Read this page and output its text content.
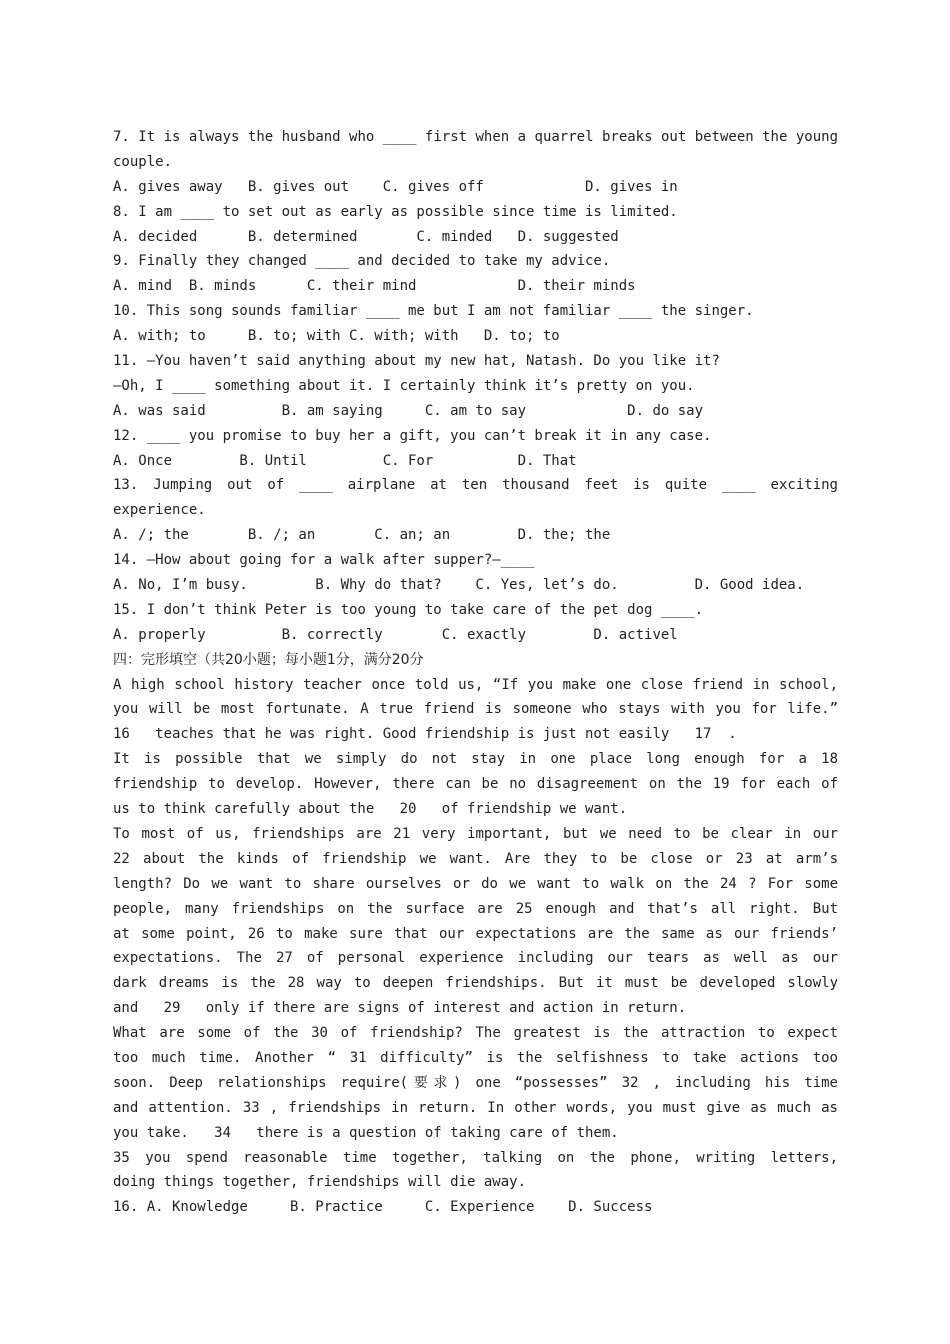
7. It is always the husband who ____ first when a quarrel breaks out between the young
couple.
A. gives away   B. gives out    C. gives off            D. gives in
8. I am ____ to set out as early as possible since time is limited.
A. decided      B. determined       C. minded   D. suggested
9. Finally they changed ____ and decided to take my advice.
A. mind  B. minds      C. their mind            D. their minds
10. This song sounds familiar ____ me but I am not familiar ____ the singer.
A. with; to     B. to; with C. with; with   D. to; to
11. —You haven’t said anything about my new hat, Natash. Do you like it?
—Oh, I ____ something about it. I certainly think it’s pretty on you.
A. was said         B. am saying     C. am to say            D. do say
12. ____ you promise to buy her a gift, you can’t break it in any case.
A. Once        B. Until         C. For          D. That
13. Jumping out of ____ airplane at ten thousand feet is quite ____ exciting
experience.
A. /; the       B. /; an       C. an; an        D. the; the
14. —How about going for a walk after supper?—____
A. No, I’m busy.        B. Why do that?    C. Yes, let’s do.         D. Good idea.
15. I don’t think Peter is too young to take care of the pet dog ____.
A. properly         B. correctly       C. exactly        D. activel
四：完形填空（共20小题；每小题1分，满分20分
A high school history teacher once told us, “If you make one close friend in school,
you will be most fortunate. A true friend is someone who stays with you for life.”
16   teaches that he was right. Good friendship is just not easily   17  .
It is possible that we simply do not stay in one place long enough for a 18
friendship to develop. However, there can be no disagreement on the 19 for each of
us to think carefully about the   20   of friendship we want.
To most of us, friendships are 21 very important, but we need to be clear in our
22 about the kinds of friendship we want. Are they to be close or 23 at arm’s
length? Do we want to share ourselves or do we want to walk on the 24 ? For some
people, many friendships on the surface are 25 enough and that’s all right. But
at some point, 26 to make sure that our expectations are the same as our friends’
expectations. The 27 of personal experience including our tears as well as our
dark dreams is the 28 way to deepen friendships. But it must be developed slowly
and   29   only if there are signs of interest and action in return.
What are some of the 30 of friendship? The greatest is the attraction to expect
too much time. Another “ 31 difficulty” is the selfishness to take actions too
soon. Deep relationships require(要求) one “possesses” 32 , including his time
and attention. 33 , friendships in return. In other words, you must give as much as
you take.   34   there is a question of taking care of them.
35 you spend reasonable time together, talking on the phone, writing letters,
doing things together, friendships will die away.
16. A. Knowledge     B. Practice     C. Experience    D. Success
